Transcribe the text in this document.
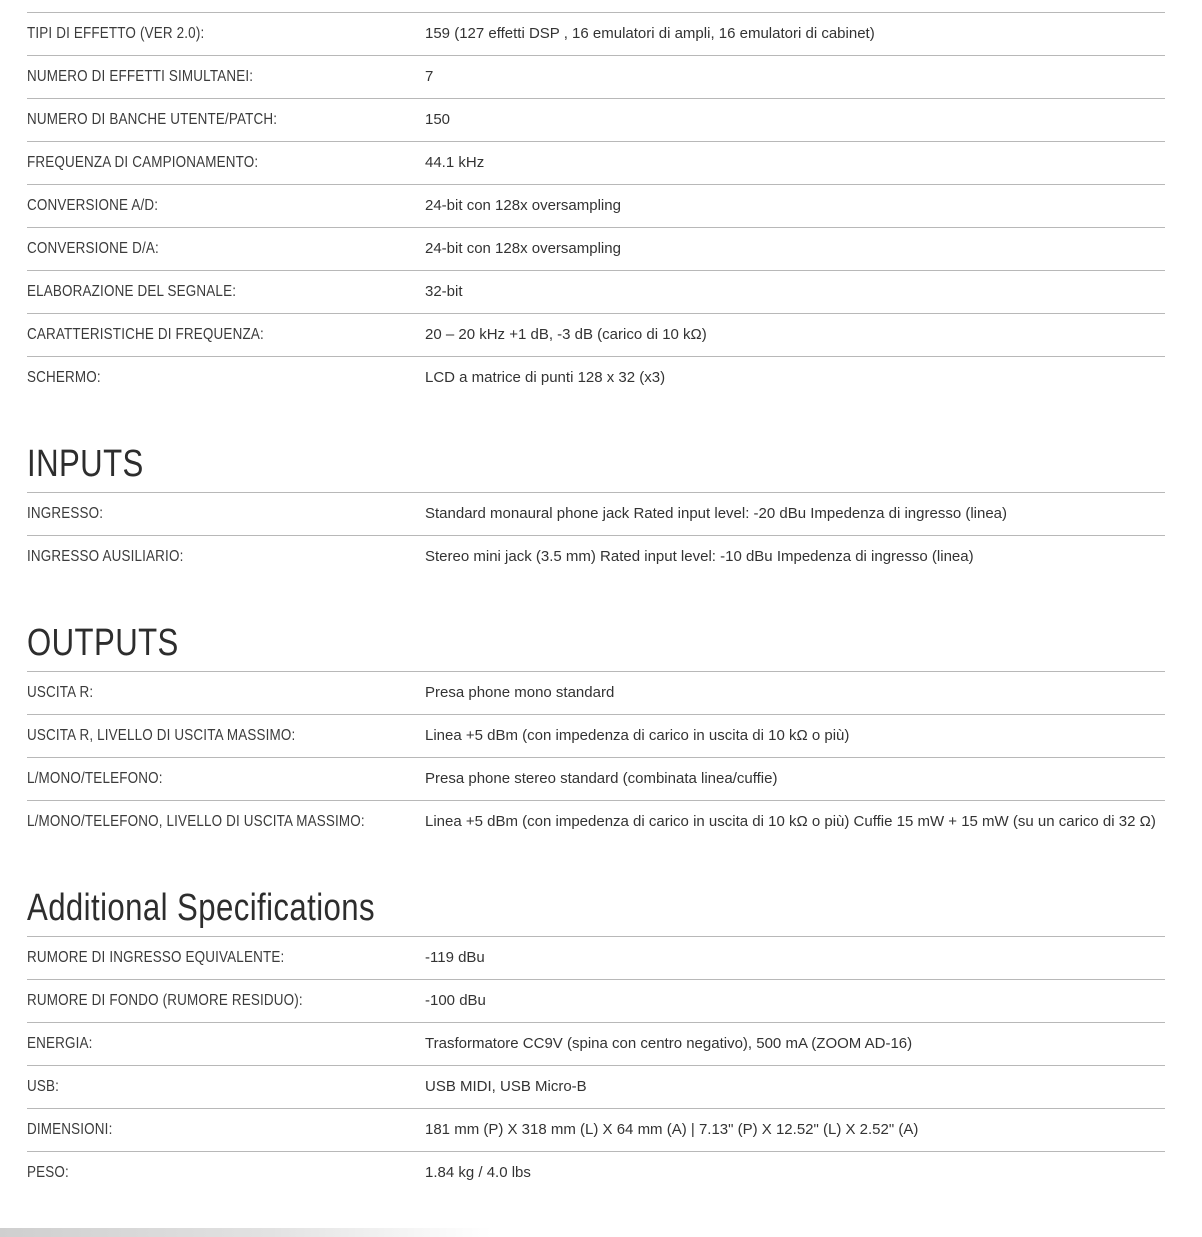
TIPI DI EFFETTO (VER 2.0):	159 (127 effetti DSP , 16 emulatori di ampli, 16 emulatori di cabinet)
NUMERO DI EFFETTI SIMULTANEI:	7
NUMERO DI BANCHE UTENTE/PATCH:	150
FREQUENZA DI CAMPIONAMENTO:	44.1 kHz
CONVERSIONE A/D:	24-bit con 128x oversampling
CONVERSIONE D/A:	24-bit con 128x oversampling
ELABORAZIONE DEL SEGNALE:	32-bit
CARATTERISTICHE DI FREQUENZA:	20 – 20 kHz +1 dB, -3 dB (carico di 10 kΩ)
SCHERMO:	LCD a matrice di punti 128 x 32 (x3)
INPUTS
INGRESSO:	Standard monaural phone jack Rated input level: -20 dBu Impedenza di ingresso (linea)
INGRESSO AUSILIARIO:	Stereo mini jack (3.5 mm) Rated input level: -10 dBu Impedenza di ingresso (linea)
OUTPUTS
USCITA R:	Presa phone mono standard
USCITA R, LIVELLO DI USCITA MASSIMO:	Linea +5 dBm (con impedenza di carico in uscita di 10 kΩ o più)
L/MONO/TELEFONO:	Presa phone stereo standard (combinata linea/cuffie)
L/MONO/TELEFONO, LIVELLO DI USCITA MASSIMO:	Linea +5 dBm (con impedenza di carico in uscita di 10 kΩ o più) Cuffie 15 mW + 15 mW (su un carico di 32 Ω)
Additional Specifications
RUMORE DI INGRESSO EQUIVALENTE:	-119 dBu
RUMORE DI FONDO (RUMORE RESIDUO):	-100 dBu
ENERGIA:	Trasformatore CC9V (spina con centro negativo), 500 mA (ZOOM AD-16)
USB:	USB MIDI, USB Micro-B
DIMENSIONI:	181 mm (P) X 318 mm (L) X 64 mm (A) | 7.13" (P) X 12.52" (L) X 2.52" (A)
PESO:	1.84 kg / 4.0 lbs
